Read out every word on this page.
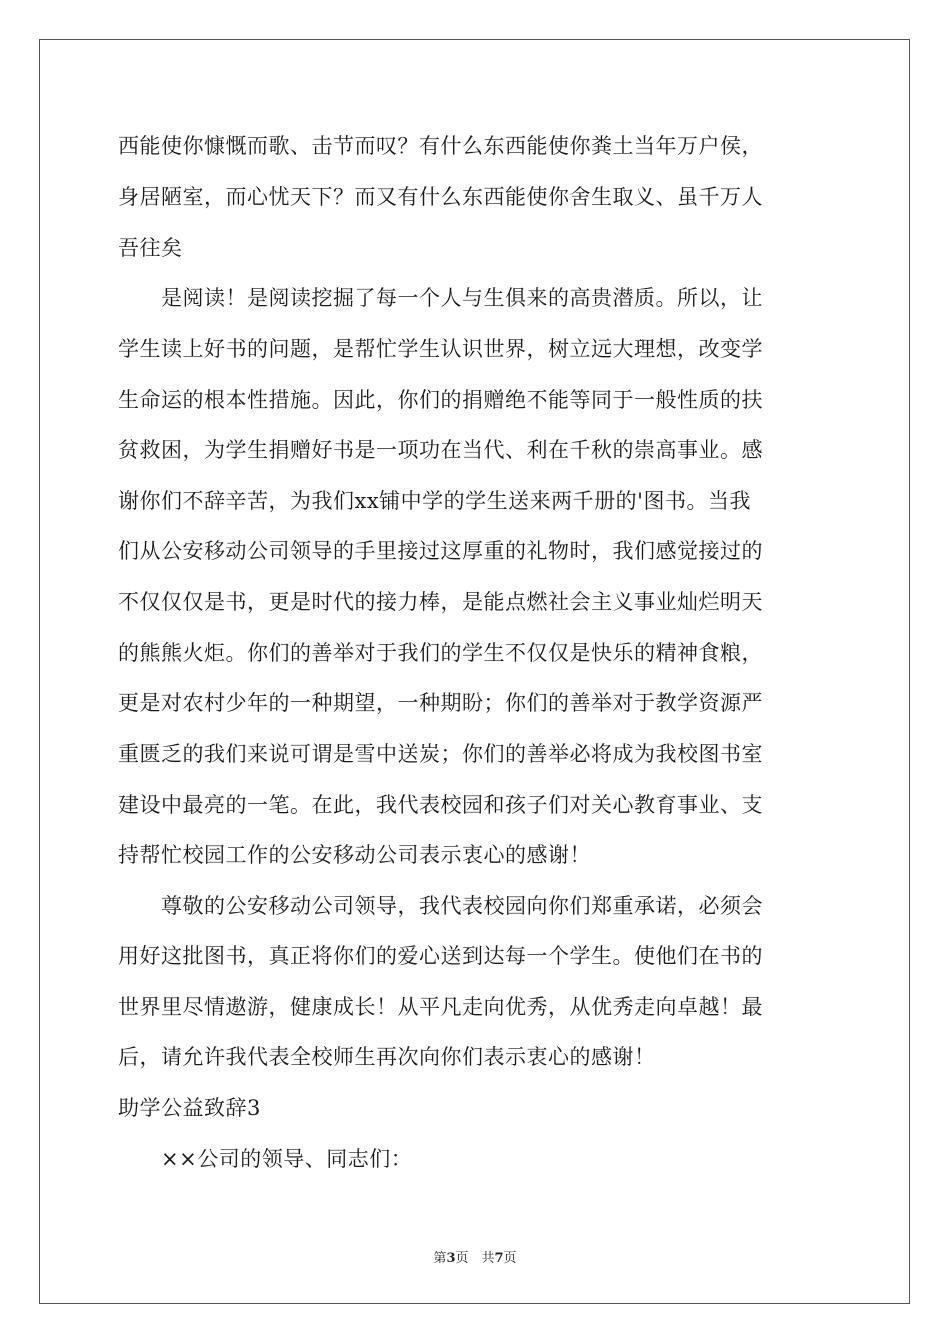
西能使你慷慨而歌、击节而叹？有什么东西能使你粪土当年万户侯，
身居陋室，而心忧天下？而又有什么东西能使你舍生取义、虽千万人
吾往矣
　　是阅读！是阅读挖掘了每一个人与生俱来的高贵潜质。所以，让
学生读上好书的问题，是帮忙学生认识世界，树立远大理想，改变学
生命运的根本性措施。因此，你们的捐赠绝不能等同于一般性质的扶
贫救困，为学生捐赠好书是一项功在当代、利在千秋的崇高事业。感
谢你们不辞辛苦，为我们xx铺中学的学生送来两千册的'图书。当我
们从公安移动公司领导的手里接过这厚重的礼物时，我们感觉接过的
不仅仅仅是书，更是时代的接力棒，是能点燃社会主义事业灿烂明天
的熊熊火炬。你们的善举对于我们的学生不仅仅是快乐的精神食粮，
更是对农村少年的一种期望，一种期盼；你们的善举对于教学资源严
重匮乏的我们来说可谓是雪中送炭；你们的善举必将成为我校图书室
建设中最亮的一笔。在此，我代表校园和孩子们对关心教育事业、支
持帮忙校园工作的公安移动公司表示衷心的感谢！
　　尊敬的公安移动公司领导，我代表校园向你们郑重承诺，必须会
用好这批图书，真正将你们的爱心送到达每一个学生。使他们在书的
世界里尽情遨游，健康成长！从平凡走向优秀，从优秀走向卓越！最
后，请允许我代表全校师生再次向你们表示衷心的感谢！
助学公益致辞3
　　××公司的领导、同志们：
第3页　共7页
